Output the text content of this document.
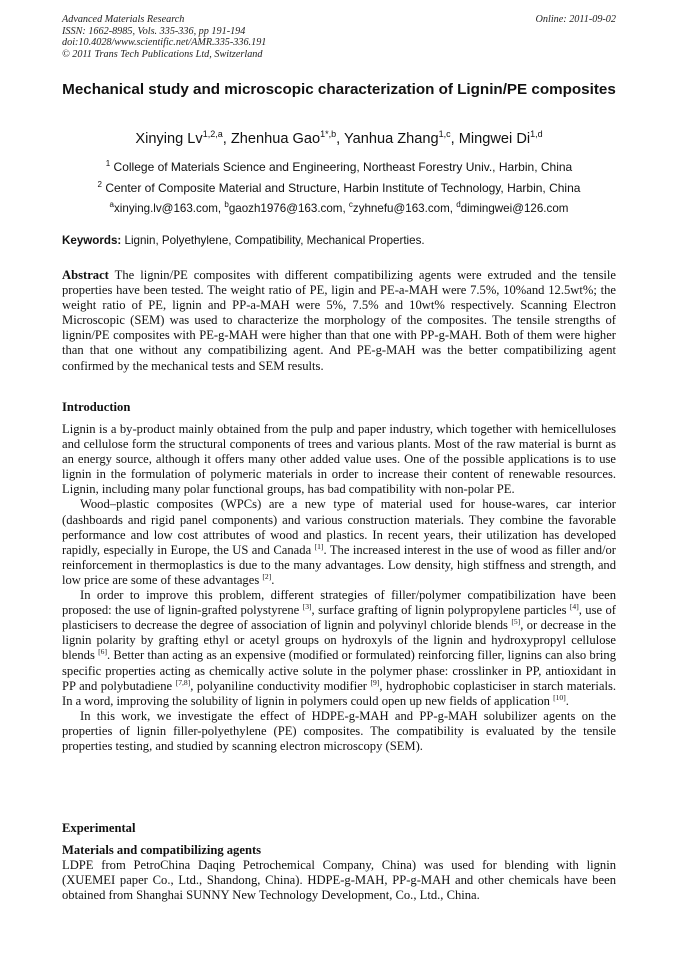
Advanced Materials Research
ISSN: 1662-8985, Vols. 335-336, pp 191-194
doi:10.4028/www.scientific.net/AMR.335-336.191
© 2011 Trans Tech Publications Ltd, Switzerland
Online: 2011-09-02
Mechanical study and microscopic characterization of Lignin/PE composites
Xinying Lv$^{1,2,a}$, Zhenhua Gao$^{1*,b}$, Yanhua Zhang$^{1,c}$, Mingwei Di$^{1,d}$
$^1$ College of Materials Science and Engineering, Northeast Forestry Univ., Harbin, China
$^2$ Center of Composite Material and Structure, Harbin Institute of Technology, Harbin, China
$^a$xinying.lv@163.com, $^b$gaozh1976@163.com, $^c$zyhnefu@163.com, $^d$dimingwei@126.com
Keywords: Lignin, Polyethylene, Compatibility, Mechanical Properties.

Abstract The lignin/PE composites with different compatibilizing agents were extruded and the tensile properties have been tested. The weight ratio of PE, ligin and PE-a-MAH were 7.5%, 10%and 12.5wt%; the weight ratio of PE, lignin and PP-a-MAH were 5%, 7.5% and 10wt% respectively. Scanning Electron Microscopic (SEM) was used to characterize the morphology of the composites. The tensile strengths of lignin/PE composites with PE-g-MAH were higher than that one with PP-g-MAH. Both of them were higher than that one without any compatibilizing agent. And PE-g-MAH was the better compatibilizing agent confirmed by the mechanical tests and SEM results.

Introduction

Lignin is a by-product mainly obtained from the pulp and paper industry, which together with hemicelluloses and cellulose form the structural components of trees and various plants. Most of the raw material is burnt as an energy source, although it offers many other added value uses. One of the possible applications is to use lignin in the formulation of polymeric materials in order to increase their content of renewable resources. Lignin, including many polar functional groups, has bad compatibility with non-polar PE.

Wood–plastic composites (WPCs) are a new type of material used for house-wares, car interior (dashboards and rigid panel components) and various construction materials. They combine the favorable performance and low cost attributes of wood and plastics. In recent years, their utilization has developed rapidly, especially in Europe, the US and Canada [1]. The increased interest in the use of wood as filler and/or reinforcement in thermoplastics is due to the many advantages. Low density, high stiffness and strength, and low price are some of these advantages [2].

In order to improve this problem, different strategies of filler/polymer compatibilization have been proposed: the use of lignin-grafted polystyrene [3], surface grafting of lignin polypropylene particles [4], use of plasticisers to decrease the degree of association of lignin and polyvinyl chloride blends [5], or decrease in the lignin polarity by grafting ethyl or acetyl groups on hydroxyls of the lignin and hydroxypropyl cellulose blends [6]. Better than acting as an expensive (modified or formulated) reinforcing filler, lignins can also bring specific properties acting as chemically active solute in the polymer phase: crosslinker in PP, antioxidant in PP and polybutadiene [7,8], polyaniline conductivity modifier [9], hydrophobic coplasticiser in starch materials. In a word, improving the solubility of lignin in polymers could open up new fields of application [10].

In this work, we investigate the effect of HDPE-g-MAH and PP-g-MAH solubilizer agents on the properties of lignin filler-polyethylene (PE) composites. The compatibility is evaluated by the tensile properties testing, and studied by scanning electron microscopy (SEM).

Experimental
Materials and compatibilizing agents
LDPE from PetroChina Daqing Petrochemical Company, China) was used for blending with lignin (XUEMEI paper Co., Ltd., Shandong, China). HDPE-g-MAH, PP-g-MAH and other chemicals have been obtained from Shanghai SUNNY New Technology Development, Co., Ltd., China.
